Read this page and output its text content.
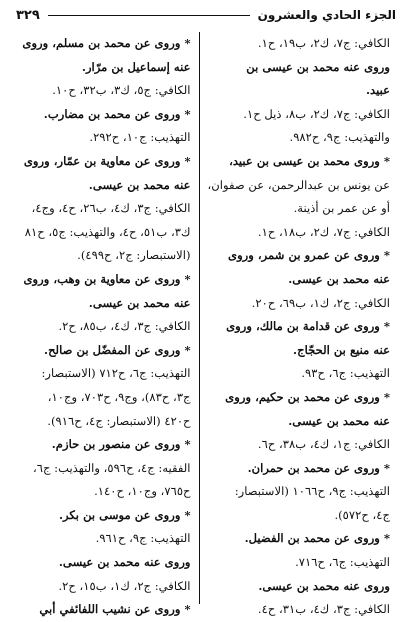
الجزء الحادي والعشرون
٣٢٩
الكافي: ج٧، ك٢، ب١٩، ح١.
وروى عنه محمد بن عيسى بن
عبيد.
الكافي: ج٧، ك٢، ب٨، ذيل ح١.
والتهذيب: ج٩، ح٩٨٢.
* وروى محمد بن عيسى بن عبيد،
عن يونس بن عبدالرحمن، عن صفوان،
أو عن عمر بن أذينة.
الكافي: ج٧، ك٢، ب١٨، ح١.
* وروى عن عمرو بن شمر، وروى
عنه محمد بن عيسى.
الكافي: ج٢، ك١، ب٦٩، ح٢٠.
* وروى عن قدامة بن مالك، وروى
عنه منيع بن الحجّاج.
التهذيب: ج٦، ح٩٣.
* وروى عن محمد بن حكيم، وروى
عنه محمد بن عيسى.
الكافي: ج١، ك٤، ب٣٨، ح٦.
* وروى عن محمد بن حمران.
التهذيب: ج٩، ح١٠٦٦ (الاستبصار:
ج٤، ح٥٧٢).
* وروى عن محمد بن الفضيل.
التهذيب: ج٦، ح٧١٦.
وروى عنه محمد بن عيسى.
الكافي: ج٣، ك٤، ب٣١، ح٤.
* وروى عن محمد بن مسلم، وروى
عنه إسماعيل بن مرّار.
الكافي: ج٥، ك٣، ب٣٢، ح١٠.
* وروى عن محمد بن مضارب.
التهذيب: ج١٠، ح٢٩٢.
* وروى عن معاوية بن عمّار، وروى
عنه محمد بن عيسى.
الكافي: ج٣، ك٤، ب٢٦، ح٤، وج٤،
ك٣، ب٥١، ح٤، والتهذيب: ج٥، ح٨١
(الاستبصار: ج٢، ح٤٩٩).
* وروى عن معاوية بن وهب، وروى
عنه محمد بن عيسى.
الكافي: ج٣، ك٤، ب٨٥، ح٢.
* وروى عن المفضّل بن صالح.
التهذيب: ج٦، ح٧١٢ (الاستبصار:
ج٣، ح٨٣)، وج٩، ح٧٠٣، وج١٠،
ح٤٢٠ (الاستبصار: ج٤، ح٩١٦).
* وروى عن منصور بن حازم.
الفقيه: ج٤، ح٥٩٦، والتهذيب: ج٦،
ح٧٦٥، وج١٠، ح١٤٠.
* وروى عن موسى بن بكر.
التهذيب: ج٩، ح٩٦١.
وروى عنه محمد بن عيسى.
الكافي: ج٢، ك١، ب١٥، ح٢.
* وروى عن نشيب اللفائفي أبي
